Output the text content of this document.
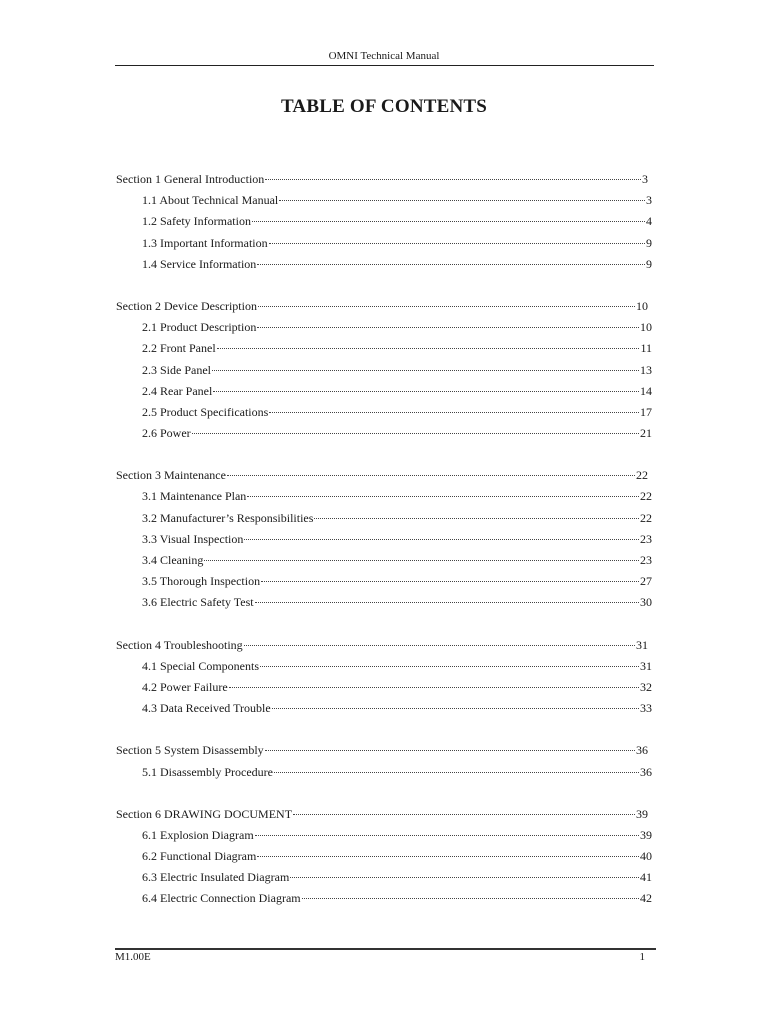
OMNI Technical Manual
TABLE OF CONTENTS
Section 1 General Introduction	3
1.1 About Technical Manual	3
1.2 Safety Information	4
1.3 Important Information	9
1.4 Service Information	9
Section 2 Device Description	10
2.1 Product Description	10
2.2 Front Panel	11
2.3 Side Panel	13
2.4 Rear Panel	14
2.5 Product Specifications	17
2.6 Power	21
Section 3 Maintenance	22
3.1 Maintenance Plan	22
3.2 Manufacturer’s Responsibilities	22
3.3 Visual Inspection	23
3.4 Cleaning	23
3.5 Thorough Inspection	27
3.6 Electric Safety Test	30
Section 4 Troubleshooting	31
4.1 Special Components	31
4.2 Power Failure	32
4.3 Data Received Trouble	33
Section 5 System Disassembly	36
5.1 Disassembly Procedure	36
Section 6 DRAWING DOCUMENT	39
6.1 Explosion Diagram	39
6.2 Functional Diagram	40
6.3 Electric Insulated Diagram	41
6.4 Electric Connection Diagram	42
M1.00E	1
